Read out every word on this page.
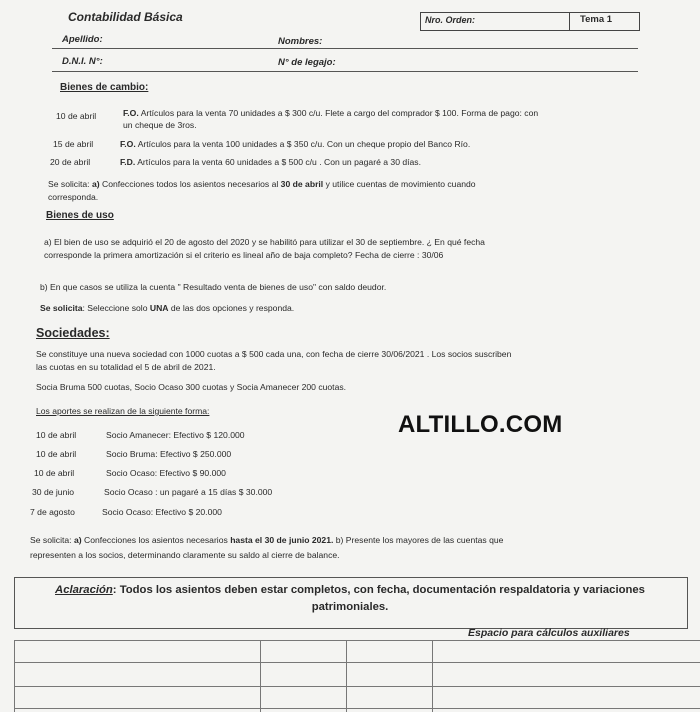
Contabilidad Básica	Nro. Orden:	Tema 1
Apellido:	Nombres:
D.N.I. N°:	N° de legajo:
Bienes de cambio:
10 de abril	F.O. Artículos para la venta 70 unidades a $ 300 c/u. Flete a cargo del comprador $ 100. Forma de pago: con
un cheque de 3ros.
15 de abril	F.O. Artículos para la venta 100 unidades a $ 350 c/u. Con un cheque propio del Banco Río.
20 de abril	F.D. Artículos para la venta 60 unidades a $ 500 c/u . Con un pagaré a 30 días.
Se solicita: a) Confecciones todos los asientos necesarios al 30 de abril y utilice cuentas de movimiento cuando
corresponda.
Bienes de uso
a) El bien de uso se adquirió el 20 de agosto del 2020 y se habilitó para utilizar el 30 de septiembre. ¿ En qué fecha
corresponde la primera amortización si el criterio es lineal año de baja completo? Fecha de cierre : 30/06
b) En que casos se utiliza la cuenta " Resultado venta de bienes de uso" con saldo deudor.
Se solicita: Seleccione solo UNA de las dos opciones y responda.
Sociedades:
Se constituye una nueva sociedad con 1000 cuotas a $ 500 cada una, con fecha de cierre 30/06/2021 . Los socios suscriben
las cuotas en su totalidad el 5 de abril de 2021.
Socia Bruma 500 cuotas, Socio Ocaso 300 cuotas y Socia Amanecer 200 cuotas.
Los aportes se realizan de la siguiente forma:
10 de abril	Socio Amanecer: Efectivo $ 120.000
10 de abril	Socio Bruma: Efectivo $ 250.000
10 de abril	Socio Ocaso: Efectivo $ 90.000
30 de junio	Socio Ocaso : un pagaré a 15 días $ 30.000
7 de agosto	Socio Ocaso: Efectivo $ 20.000
ALTILLO.COM
Se solicita: a) Confecciones los asientos necesarios hasta el 30 de junio 2021. b) Presente los mayores de las cuentas que
representen a los socios, determinando claramente su saldo al cierre de balance.
Aclaración: Todos los asientos deben estar completos, con fecha, documentación respaldatoria y variaciones
patrimoniales.
Espacio para cálculos auxiliares
